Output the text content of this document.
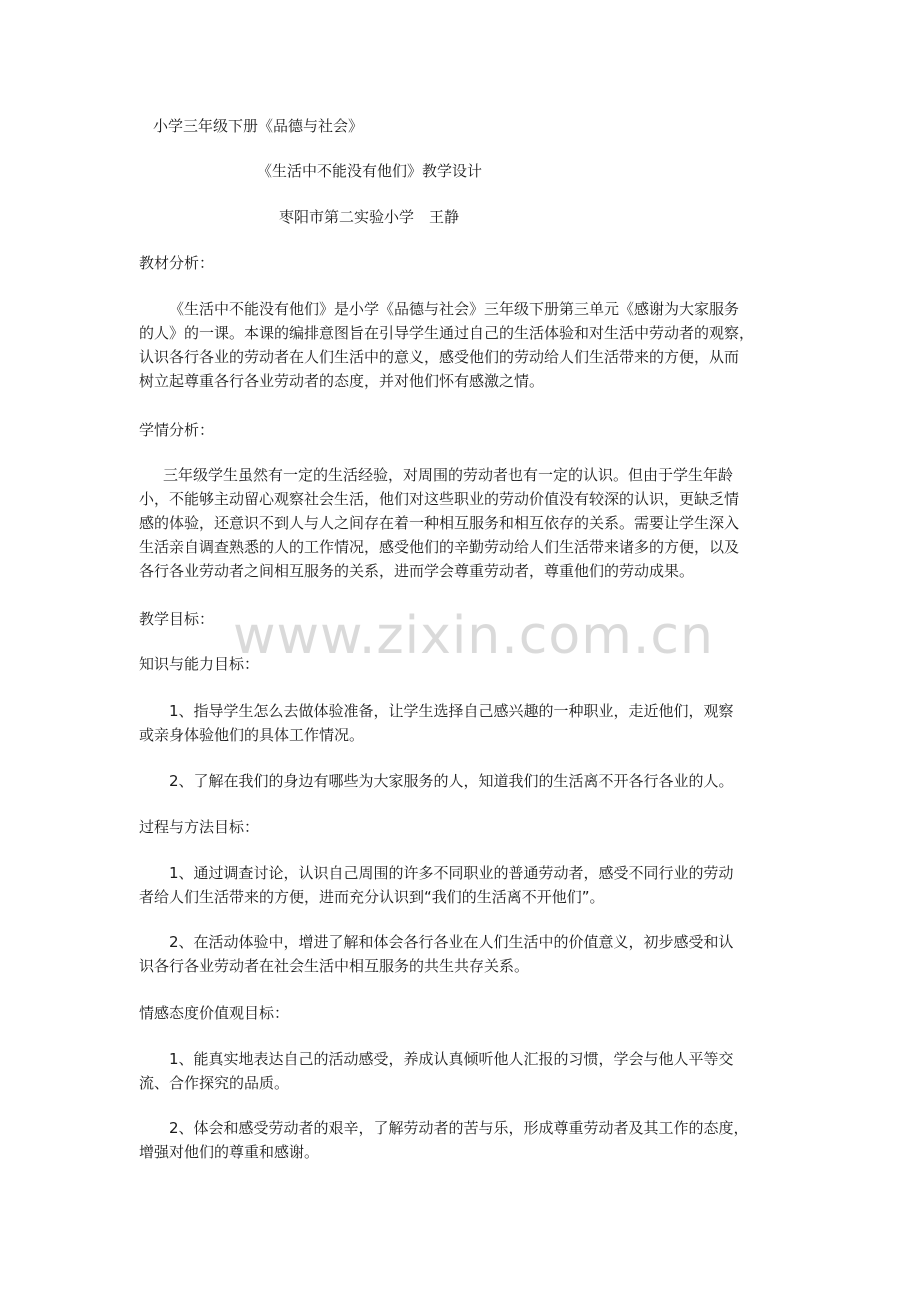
小学三年级下册《品德与社会》
《生活中不能没有他们》教学设计
枣阳市第二实验小学　王静
教材分析：
《生活中不能没有他们》是小学《品德与社会》三年级下册第三单元《感谢为大家服务
的人》的一课。本课的编排意图旨在引导学生通过自己的生活体验和对生活中劳动者的观察，
认识各行各业的劳动者在人们生活中的意义，感受他们的劳动给人们生活带来的方便，从而
树立起尊重各行各业劳动者的态度，并对他们怀有感激之情。
学情分析：
三年级学生虽然有一定的生活经验，对周围的劳动者也有一定的认识。但由于学生年龄
小，不能够主动留心观察社会生活，他们对这些职业的劳动价值没有较深的认识，更缺乏情
感的体验，还意识不到人与人之间存在着一种相互服务和相互依存的关系。需要让学生深入
生活亲自调查熟悉的人的工作情况，感受他们的辛勤劳动给人们生活带来诸多的方便，以及
各行各业劳动者之间相互服务的关系，进而学会尊重劳动者，尊重他们的劳动成果。
教学目标：
知识与能力目标：
1、指导学生怎么去做体验准备，让学生选择自己感兴趣的一种职业，走近他们，观察
或亲身体验他们的具体工作情况。
2、了解在我们的身边有哪些为大家服务的人，知道我们的生活离不开各行各业的人。
过程与方法目标：
1、通过调查讨论，认识自己周围的许多不同职业的普通劳动者，感受不同行业的劳动
者给人们生活带来的方便，进而充分认识到“我们的生活离不开他们”。
2、在活动体验中，增进了解和体会各行各业在人们生活中的价值意义，初步感受和认
识各行各业劳动者在社会生活中相互服务的共生共存关系。
情感态度价值观目标：
1、能真实地表达自己的活动感受，养成认真倾听他人汇报的习惯，学会与他人平等交
流、合作探究的品质。
2、体会和感受劳动者的艰辛，了解劳动者的苦与乐，形成尊重劳动者及其工作的态度，
增强对他们的尊重和感谢。
www.zixin.com.cn
